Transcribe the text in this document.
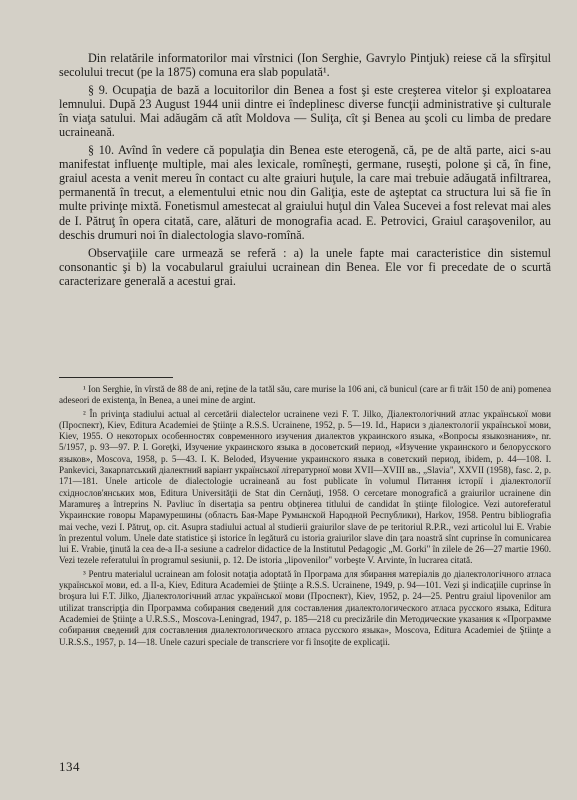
Din relatările informatorilor mai vîrstnici (Ion Serghie, Gavrylo Pintjuk) reiese că la sfîrşitul secolului trecut (pe la 1875) comuna era slab populată¹.

§ 9. Ocupaţia de bază a locuitorilor din Benea a fost şi este creşterea vitelor şi exploatarea lemnului. După 23 August 1944 unii dintre ei îndeplinesc diverse funcţii administrative şi culturale în viaţa satului. Mai adăugăm că atît Moldova — Suliţa, cît şi Benea au şcoli cu limba de predare ucraineană.

§ 10. Avînd în vedere că populaţia din Benea este eterogenă, că, pe de altă parte, aici s-au manifestat influenţe multiple, mai ales lexicale, romîneşti, germane, ruseşti, polone şi că, în fine, graiul acesta a venit mereu în contact cu alte graiuri huţule, la care mai trebuie adăugată infiltrarea, permanentă în trecut, a elementului etnic nou din Galiţia, este de aşteptat ca structura lui să fie în multe privinţe mixtă. Fonetismul amestecat al graiului huţul din Valea Sucevei a fost relevat mai ales de I. Pătruţ în opera citată, care, alături de monografia acad. E. Petrovici, Graiul caraşovenilor, au deschis drumuri noi în dialectologia slavo-romînă.

Observaţiile care urmează se referă : a) la unele fapte mai caracteristice din sistemul consonantic şi b) la vocabularul graiului ucrainean din Benea. Ele vor fi precedate de o scurtă caracterizare generală a acestui grai.

¹ Ion Serghie, în vîrstă de 88 de ani, reţine de la tatăl său, care murise la 106 ani, că bunicul (care ar fi trăit 150 de ani) pomenea adeseori de existenţa, în Benea, a unei mine de argint.

² În privinţa stadiului actual al cercetării dialectelor ucrainene vezi F. T. Jilko, Діалектологічний атлас української мови (Проспект), Kiev, Editura Academiei de Ştiinţe a R.S.S. Ucrainene, 1952, p. 5—19. Id., Нариси з діалектології української мови, Kiev, 1955. О некоторых особенностях современного изучения диалектов украинского языка, «Вопросы языкознания», nr. 5/1957, p. 93—97. P. I. Goreţki, Изучение украинского языка в досоветский период, «Изучение украинского и белорусского языков», Moscova, 1958, p. 5—43. I. K. Beloded, Изучение украинского языка в советский период, ibidem, p. 44—108. I. Pankevici, Закарпатський діалектний варіант української літературної мови XVII—XVIII вв., „Slavia", XXVII (1958), fasc. 2, p. 171—181. Unele articole de dialectologie ucraineană au fost publicate în volumul Питання історії і діалектології східнослов'янських мов, Editura Universităţii de Stat din Cernăuţi, 1958. O cercetare monografică a graiurilor ucrainene din Maramureş a întreprins N. Pavliuc în disertaţia sa pentru obţinerea titlului de candidat în ştiinţe filologice. Vezi autoreferatul Украинские говоры Марамурешины (область Бая-Маре Румынской Народной Республики), Harkov, 1958. Pentru bibliografia mai veche, vezi I. Pătruţ, op. cit. Asupra stadiului actual al studierii graiurilor slave de pe teritoriul R.P.R., vezi articolul lui E. Vrabie în prezentul volum. Unele date statistice şi istorice în legătură cu istoria graiurilor slave din ţara noastră sînt cuprinse în comunicarea lui E. Vrabie, ţinută la cea de-a II-a sesiune a cadrelor didactice de la Institutul Pedagogic „M. Gorki" în zilele de 26—27 martie 1960. Vezi tezele referatului în programul sesiunii, p. 12. De istoria „lipovenilor" vorbeşte V. Arvinte, în lucrarea citată.

³ Pentru materialul ucrainean am folosit notaţia adoptată în Програма для збирання матеріалів до діалектологічного атласа української мови, ed. a II-a, Kiev, Editura Academiei de Ştiinţe a R.S.S. Ucrainene, 1949, p. 94—101. Vezi şi indicaţiile cuprinse în broşura lui F.T. Jilko, Діалектологічний атлас української мови (Проспект), Kiev, 1952, p. 24—25. Pentru graiul lipovenilor am utilizat transcripţia din Программа собирания сведений для составления диалектологического атласа русского языка, Editura Academiei de Ştiinţe a U.R.S.S., Moscova-Leningrad, 1947, p. 185—218 cu precizările din Методические указания к «Программе собирания сведений для составления диалектологического атласа русского языка», Moscova, Editura Academiei de Ştiinţe a U.R.S.S., 1957, p. 14—18. Unele cazuri speciale de transcriere vor fi însoţite de explicaţii.

134
